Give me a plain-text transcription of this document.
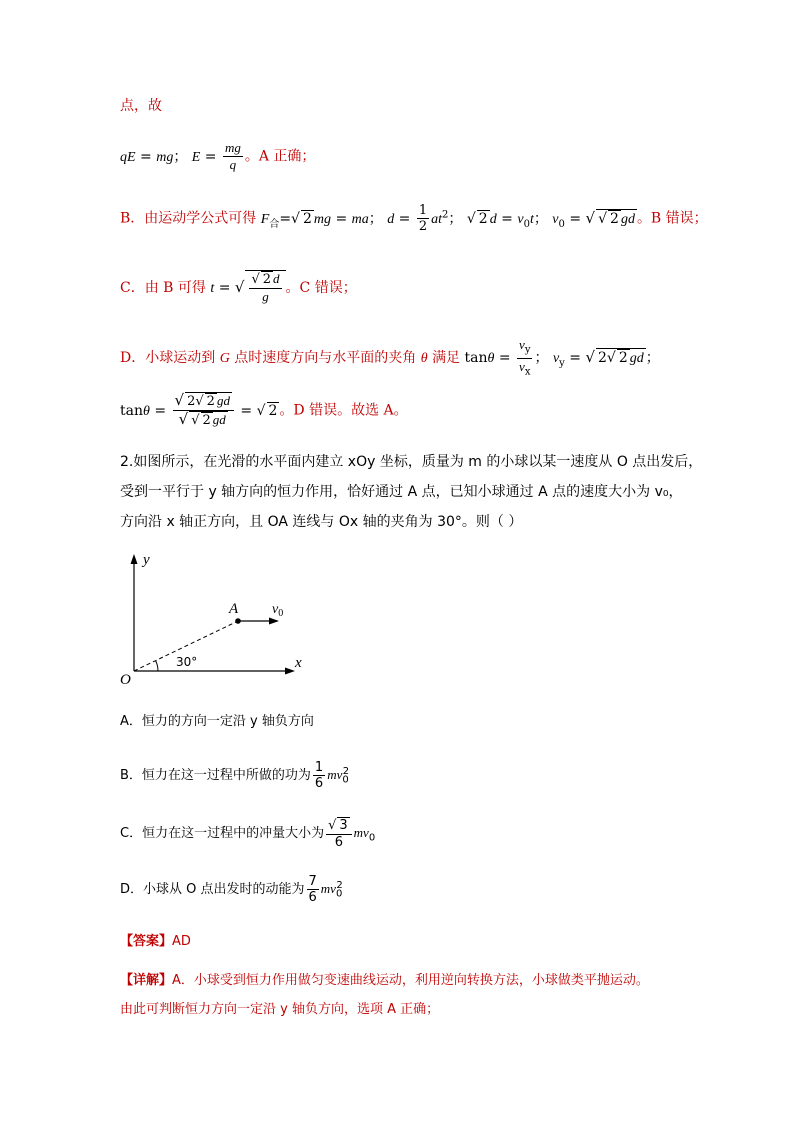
点，故
qE = mg； $E = \frac{mg}{q}$ 。A 正确；
B．由运动学公式可得 $F_合=√$ 2 mg = ma； $d = \frac{1}{2} at^2$； √ 2 $d = v_0t$； $v_0$ = √ √ 2 gd 。B 错误；
C．由 B 可得 t = √ $\frac{√ 2 d}{g}$ 。C 错误；
D．小球运动到 G 点时速度方向与水平面的夹角 θ 满足 $\tan\theta = \frac{v_y}{v_x}$ ； $v_y$ = √ 2√ 2 gd ；
$\tan\theta = \frac{√ 2√ 2 gd}{√ √ 2 gd}$ = √ 2 。D 错误。故选 A。
2.如图所示，在光滑的水平面内建立 xOy 坐标，质量为 m 的小球以某一速度从 O 点出发后，
受到一平行于 y 轴方向的恒力作用，恰好通过 A 点，已知小球通过 A 点的速度大小为 v₀，
方向沿 x 轴正方向，且 OA 连线与 Ox 轴的夹角为 30°。则（ ）
y
x
O
A $v_0$
30°
A．恒力的方向一定沿 y 轴负方向
B．恒力在这一过程中所做的功为 $\frac{1}{6} mv_0^2$
C．恒力在这一过程中的冲量大小为 $\frac{√ 3}{6} mv_0$
D．小球从 O 点出发时的动能为 $\frac{7}{6} mv_0^2$
【答案】AD
【详解】A．小球受到恒力作用做匀变速曲线运动，利用逆向转换方法，小球做类平抛运动。
由此可判断恒力方向一定沿 y 轴负方向，选项 A 正确；
